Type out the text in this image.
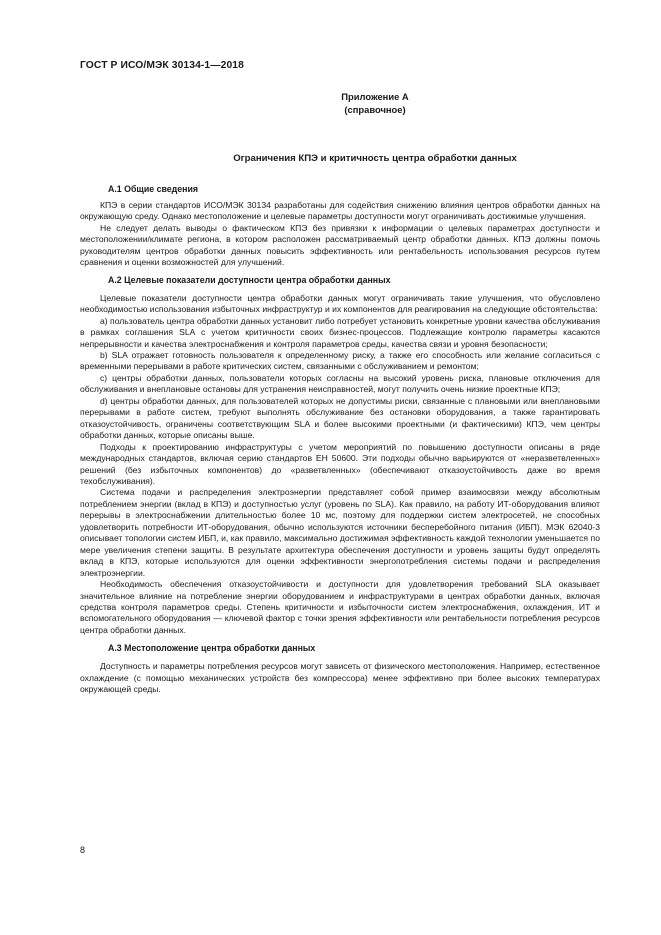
ГОСТ Р ИСО/МЭК 30134-1—2018
Приложение А
(справочное)
Ограничения КПЭ и критичность центра обработки данных
А.1 Общие сведения

КПЭ в серии стандартов ИСО/МЭК 30134 разработаны для содействия снижению влияния центров обработки данных на окружающую среду. Однако местоположение и целевые параметры доступности могут ограничивать достижимые улучшения.

Не следует делать выводы о фактическом КПЭ без привязки к информации о целевых параметрах доступности и местоположении/климате региона, в котором расположен рассматриваемый центр обработки данных. КПЭ должны помочь руководителям центров обработки данных повысить эффективность или рентабельность использования ресурсов путем сравнения и оценки возможностей для улучшений.

А.2 Целевые показатели доступности центра обработки данных

Целевые показатели доступности центра обработки данных могут ограничивать такие улучшения, что обусловлено необходимостью использования избыточных инфраструктур и их компонентов для реагирования на следующие обстоятельства:

а) пользователь центра обработки данных установит либо потребует установить конкретные уровни качества обслуживания в рамках соглашения SLA с учетом критичности своих бизнес-процессов. Подлежащие контролю параметры касаются непрерывности и качества электроснабжения и контроля параметров среды, качества связи и уровня безопасности;

b) SLA отражает готовность пользователя к определенному риску, а также его способность или желание согласиться с временными перерывами в работе критических систем, связанными с обслуживанием и ремонтом;

c) центры обработки данных, пользователи которых согласны на высокий уровень риска, плановые отключения для обслуживания и внеплановые остановы для устранения неисправностей, могут получить очень низкие проектные КПЭ;

d) центры обработки данных, для пользователей которых не допустимы риски, связанные с плановыми или внеплановыми перерывами в работе систем, требуют выполнять обслуживание без остановки оборудования, а также гарантировать отказоустойчивость, ограничены соответствующим SLA и более высокими проектными (и фактическими) КПЭ, чем центры обработки данных, которые описаны выше.

Подходы к проектированию инфраструктуры с учетом мероприятий по повышению доступности описаны в ряде международных стандартов, включая серию стандартов ЕН 50600. Эти подходы обычно варьируются от «неразветвленных» решений (без избыточных компонентов) до «разветвленных» (обеспечивают отказоустойчивость даже во время техобслуживания).

Система подачи и распределения электроэнергии представляет собой пример взаимосвязи между абсолютным потреблением энергии (вклад в КПЭ) и доступностью услуг (уровень по SLA). Как правило, на работу ИТ-оборудования влияют перерывы в электроснабжении длительностью более 10 мс, поэтому для поддержки систем электросетей, не способных удовлетворить потребности ИТ-оборудования, обычно используются источники бесперебойного питания (ИБП). МЭК 62040-3 описывает топологии систем ИБП, и, как правило, максимально достижимая эффективность каждой технологии уменьшается по мере увеличения степени защиты. В результате архитектура обеспечения доступности и уровень защиты будут определять вклад в КПЭ, которые используются для оценки эффективности энергопотребления системы подачи и распределения электроэнергии.

Необходимость обеспечения отказоустойчивости и доступности для удовлетворения требований SLA оказывает значительное влияние на потребление энергии оборудованием и инфраструктурами в центрах обработки данных, включая средства контроля параметров среды. Степень критичности и избыточности систем электроснабжения, охлаждения, ИТ и вспомогательного оборудования — ключевой фактор с точки зрения эффективности или рентабельности потребления ресурсов центра обработки данных.

А.3 Местоположение центра обработки данных

Доступность и параметры потребления ресурсов могут зависеть от физического местоположения. Например, естественное охлаждение (с помощью механических устройств без компрессора) менее эффективно при более высоких температурах окружающей среды.

8
